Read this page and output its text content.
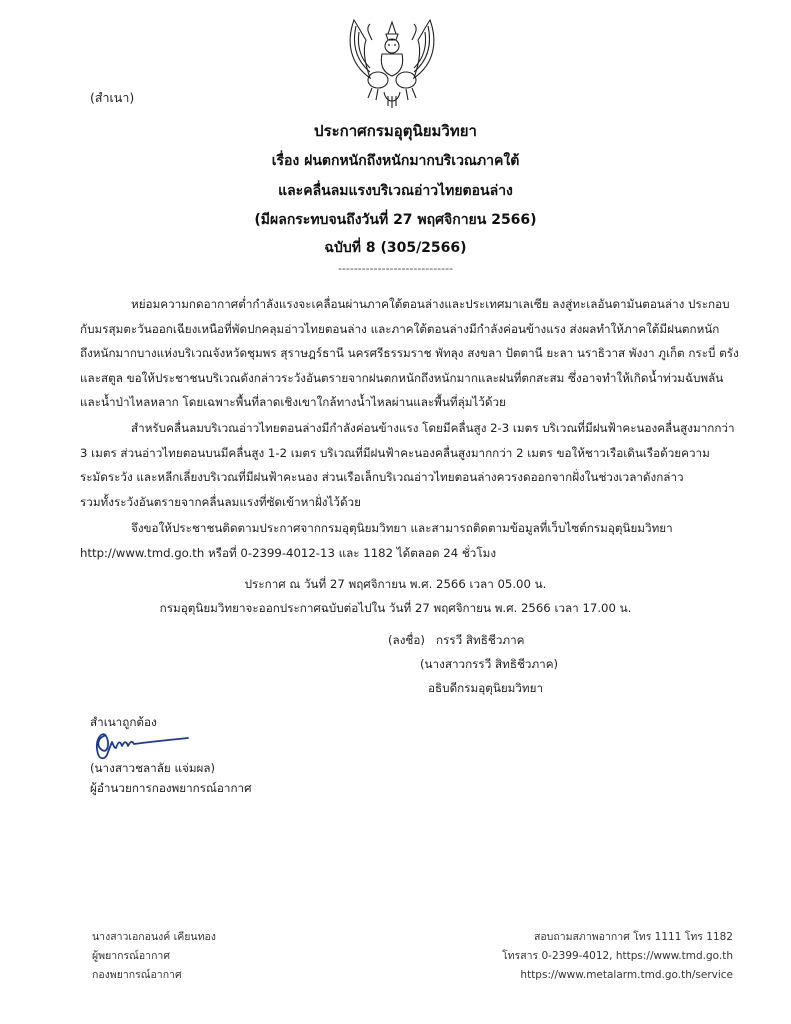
(สำเนา)
ประกาศกรมอุตุนิยมวิทยา
เรื่อง ฝนตกหนักถึงหนักมากบริเวณภาคใต้
และคลื่นลมแรงบริเวณอ่าวไทยตอนล่าง
(มีผลกระทบจนถึงวันที่ 27 พฤศจิกายน 2566)
ฉบับที่ 8 (305/2566)
-----------------------------
หย่อมความกดอากาศต่ำกำลังแรงจะเคลื่อนผ่านภาคใต้ตอนล่างและประเทศมาเลเซีย ลงสู่ทะเลอันดามันตอนล่าง ประกอบ
กับมรสุมตะวันออกเฉียงเหนือที่พัดปกคลุมอ่าวไทยตอนล่าง และภาคใต้ตอนล่างมีกำลังค่อนข้างแรง ส่งผลทำให้ภาคใต้มีฝนตกหนัก
ถึงหนักมากบางแห่งบริเวณจังหวัดชุมพร สุราษฎร์ธานี นครศรีธรรมราช พัทลุง สงขลา ปัตตานี ยะลา นราธิวาส พังงา ภูเก็ต กระบี่ ตรัง
และสตูล ขอให้ประชาชนบริเวณดังกล่าวระวังอันตรายจากฝนตกหนักถึงหนักมากและฝนที่ตกสะสม ซึ่งอาจทำให้เกิดน้ำท่วมฉับพลัน
และน้ำป่าไหลหลาก โดยเฉพาะพื้นที่ลาดเชิงเขาใกล้ทางน้ำไหลผ่านและพื้นที่ลุ่มไว้ด้วย
สำหรับคลื่นลมบริเวณอ่าวไทยตอนล่างมีกำลังค่อนข้างแรง โดยมีคลื่นสูง 2-3 เมตร บริเวณที่มีฝนฟ้าคะนองคลื่นสูงมากกว่า
3 เมตร ส่วนอ่าวไทยตอนบนมีคลื่นสูง 1-2 เมตร บริเวณที่มีฝนฟ้าคะนองคลื่นสูงมากกว่า 2 เมตร ขอให้ชาวเรือเดินเรือด้วยความ
ระมัดระวัง และหลีกเลี่ยงบริเวณที่มีฝนฟ้าคะนอง ส่วนเรือเล็กบริเวณอ่าวไทยตอนล่างควรงดออกจากฝั่งในช่วงเวลาดังกล่าว
รวมทั้งระวังอันตรายจากคลื่นลมแรงที่ซัดเข้าหาฝั่งไว้ด้วย
จึงขอให้ประชาชนติดตามประกาศจากกรมอุตุนิยมวิทยา และสามารถติดตามข้อมูลที่เว็บไซต์กรมอุตุนิยมวิทยา
http://www.tmd.go.th หรือที่ 0-2399-4012-13 และ 1182 ได้ตลอด 24 ชั่วโมง
ประกาศ ณ วันที่ 27 พฤศจิกายน พ.ศ. 2566 เวลา 05.00 น.
กรมอุตุนิยมวิทยาจะออกประกาศฉบับต่อไปใน วันที่ 27 พฤศจิกายน พ.ศ. 2566 เวลา 17.00 น.
(ลงชื่อ) กรรวี สิทธิชีวภาค
(นางสาวกรรวี สิทธิชีวภาค)
อธิบดีกรมอุตุนิยมวิทยา
สำเนาถูกต้อง
(นางสาวชลาลัย แจ่มผล)
ผู้อำนวยการกองพยากรณ์อากาศ
นางสาวเอกอนงค์ เคียนทอง
ผู้พยากรณ์อากาศ
กองพยากรณ์อากาศ
สอบถามสภาพอากาศ โทร 1111 โทร 1182
โทรสาร 0-2399-4012, https://www.tmd.go.th
https://www.metalarm.tmd.go.th/service
